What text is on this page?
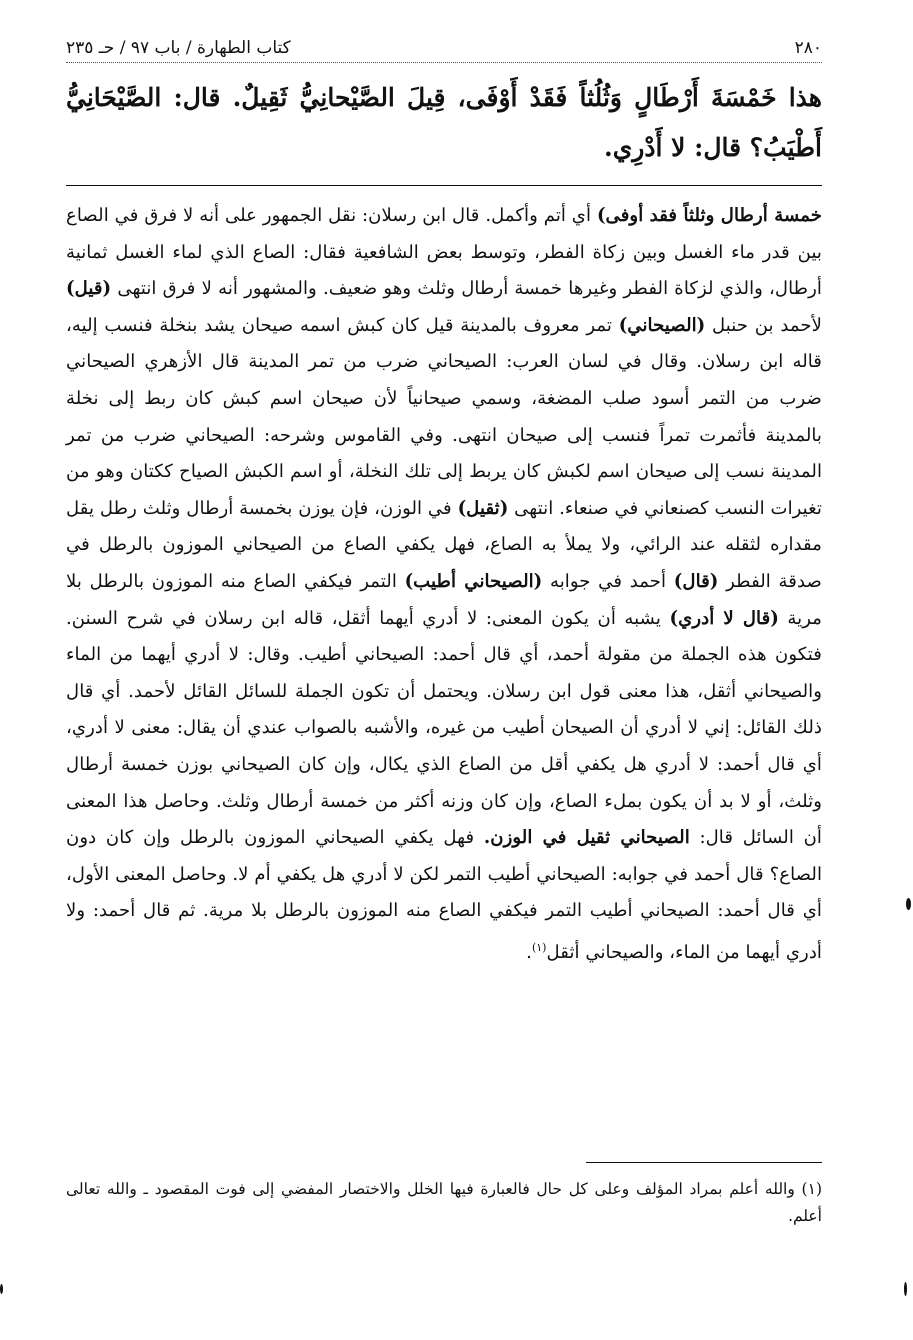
٢٨٠
كتاب الطهارة / باب ٩٧ / حـ ٢٣٥
هذا خَمْسَةَ أَرْطَالٍ وَثُلُثاً فَقَدْ أَوْفَى، قِيلَ الصَّيْحانِيُّ ثَقِيلٌ. قال: الصَّيْحَانِيُّ أَطْيَبُ؟ قال: لا أَدْرِي.
خمسة أرطال وثلثاً فقد أوفى) أي أتم وأكمل. قال ابن رسلان: نقل الجمهور على أنه لا فرق في الصاع بين قدر ماء الغسل وبين زكاة الفطر، وتوسط بعض الشافعية فقال: الصاع الذي لماء الغسل ثمانية أرطال، والذي لزكاة الفطر وغيرها خمسة أرطال وثلث وهو ضعيف. والمشهور أنه لا فرق انتهى (قيل) لأحمد بن حنبل (الصيحاني) تمر معروف بالمدينة قيل كان كبش اسمه صيحان يشد بنخلة فنسب إليه، قاله ابن رسلان. وقال في لسان العرب: الصيحاني ضرب من تمر المدينة قال الأزهري الصيحاني ضرب من التمر أسود صلب المضغة، وسمي صيحانياً لأن صيحان اسم كبش كان ربط إلى نخلة بالمدينة فأثمرت تمراً فنسب إلى صيحان انتهى. وفي القاموس وشرحه: الصيحاني ضرب من تمر المدينة نسب إلى صيحان اسم لكبش كان يربط إلى تلك النخلة، أو اسم الكبش الصياح ككتان وهو من تغيرات النسب كصنعاني في صنعاء. انتهى (ثقيل) في الوزن، فإن يوزن بخمسة أرطال وثلث رطل يقل مقداره لثقله عند الرائي، ولا يملأ به الصاع، فهل يكفي الصاع من الصيحاني الموزون بالرطل في صدقة الفطر (قال) أحمد في جوابه (الصيحاني أطيب) التمر فيكفي الصاع منه الموزون بالرطل بلا مرية (قال لا أدري) يشبه أن يكون المعنى: لا أدري أيهما أثقل، قاله ابن رسلان في شرح السنن. فتكون هذه الجملة من مقولة أحمد، أي قال أحمد: الصيحاني أطيب. وقال: لا أدري أيهما من الماء والصيحاني أثقل، هذا معنى قول ابن رسلان. ويحتمل أن تكون الجملة للسائل القائل لأحمد. أي قال ذلك القائل: إني لا أدري أن الصيحان أطيب من غيره، والأشبه بالصواب عندي أن يقال: معنى لا أدري، أي قال أحمد: لا أدري هل يكفي أقل من الصاع الذي يكال، وإن كان الصيحاني بوزن خمسة أرطال وثلث، أو لا بد أن يكون بملء الصاع، وإن كان وزنه أكثر من خمسة أرطال وثلث. وحاصل هذا المعنى أن السائل قال: الصيحاني ثقيل في الوزن. فهل يكفي الصيحاني الموزون بالرطل وإن كان دون الصاع؟ قال أحمد في جوابه: الصيحاني أطيب التمر لكن لا أدري هل يكفي أم لا. وحاصل المعنى الأول، أي قال أحمد: الصيحاني أطيب التمر فيكفي الصاع منه الموزون بالرطل بلا مرية. ثم قال أحمد: ولا أدري أيهما من الماء، والصيحاني أثقل$^{(١)}$.
(١) والله أعلم بمراد المؤلف وعلى كل حال فالعبارة فيها الخلل والاختصار المفضي إلى فوت المقصود ـ والله تعالى أعلم.
